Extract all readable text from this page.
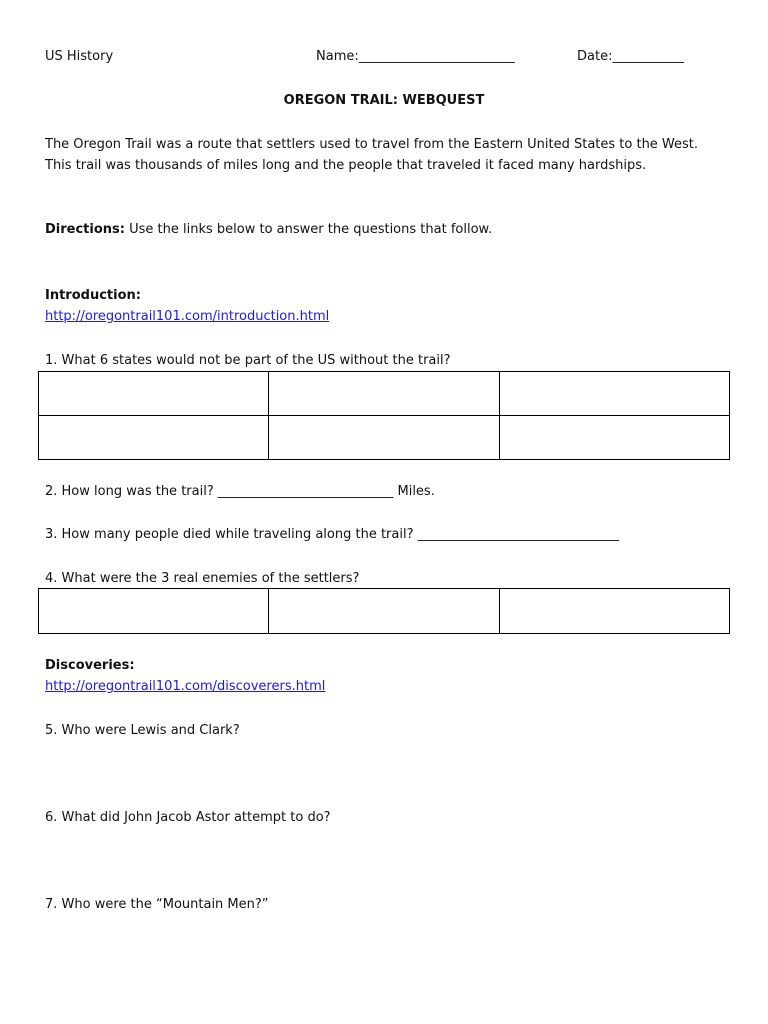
US History	Name:________________________	Date:___________
OREGON TRAIL: WEBQUEST
The Oregon Trail was a route that settlers used to travel from the Eastern United States to the West. This trail was thousands of miles long and the people that traveled it faced many hardships.
Directions: Use the links below to answer the questions that follow.
Introduction:
http://oregontrail101.com/introduction.html
1. What 6 states would not be part of the US without the trail?

2. How long was the trail? ___________________________ Miles.
3. How many people died while traveling along the trail? _______________________________
4. What were the 3 real enemies of the settlers?

Discoveries:
http://oregontrail101.com/discoverers.html
5. Who were Lewis and Clark?
6. What did John Jacob Astor attempt to do?
7. Who were the “Mountain Men?”
